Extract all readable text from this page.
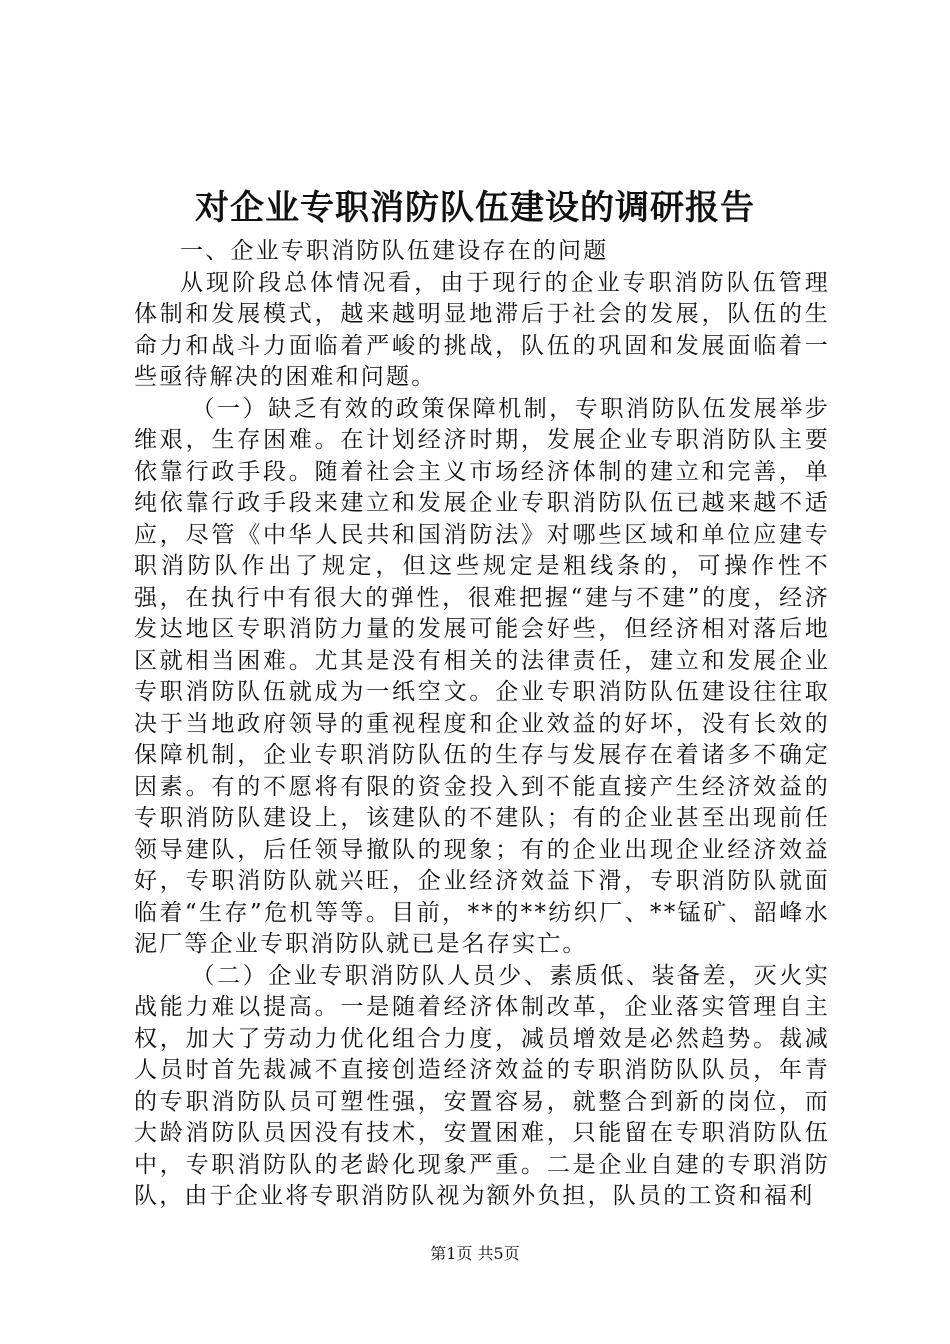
对企业专职消防队伍建设的调研报告

一、企业专职消防队伍建设存在的问题

从现阶段总体情况看，由于现行的企业专职消防队伍管理体制和发展模式，越来越明显地滞后于社会的发展，队伍的生命力和战斗力面临着严峻的挑战，队伍的巩固和发展面临着一些亟待解决的困难和问题。

（一）缺乏有效的政策保障机制，专职消防队伍发展举步维艰，生存困难。在计划经济时期，发展企业专职消防队主要依靠行政手段。随着社会主义市场经济体制的建立和完善，单纯依靠行政手段来建立和发展企业专职消防队伍已越来越不适应，尽管《中华人民共和国消防法》对哪些区域和单位应建专职消防队作出了规定，但这些规定是粗线条的，可操作性不强，在执行中有很大的弹性，很难把握“建与不建”的度，经济发达地区专职消防力量的发展可能会好些，但经济相对落后地区就相当困难。尤其是没有相关的法律责任，建立和发展企业专职消防队伍就成为一纸空文。企业专职消防队伍建设往往取决于当地政府领导的重视程度和企业效益的好坏，没有长效的保障机制，企业专职消防队伍的生存与发展存在着诸多不确定因素。有的不愿将有限的资金投入到不能直接产生经济效益的专职消防队建设上，该建队的不建队；有的企业甚至出现前任领导建队，后任领导撤队的现象；有的企业出现企业经济效益好，专职消防队就兴旺，企业经济效益下滑，专职消防队就面临着“生存”危机等等。目前，**的**纺织厂、**锰矿、韶峰水泥厂等企业专职消防队就已是名存实亡。

（二）企业专职消防队人员少、素质低、装备差，灭火实战能力难以提高。一是随着经济体制改革，企业落实管理自主权，加大了劳动力优化组合力度，减员增效是必然趋势。裁减人员时首先裁减不直接创造经济效益的专职消防队队员，年青的专职消防队员可塑性强，安置容易，就整合到新的岗位，而大龄消防队员因没有技术，安置困难，只能留在专职消防队伍中，专职消防队的老龄化现象严重。二是企业自建的专职消防队，由于企业将专职消防队视为额外负担，队员的工资和福利

第1页 共5页
